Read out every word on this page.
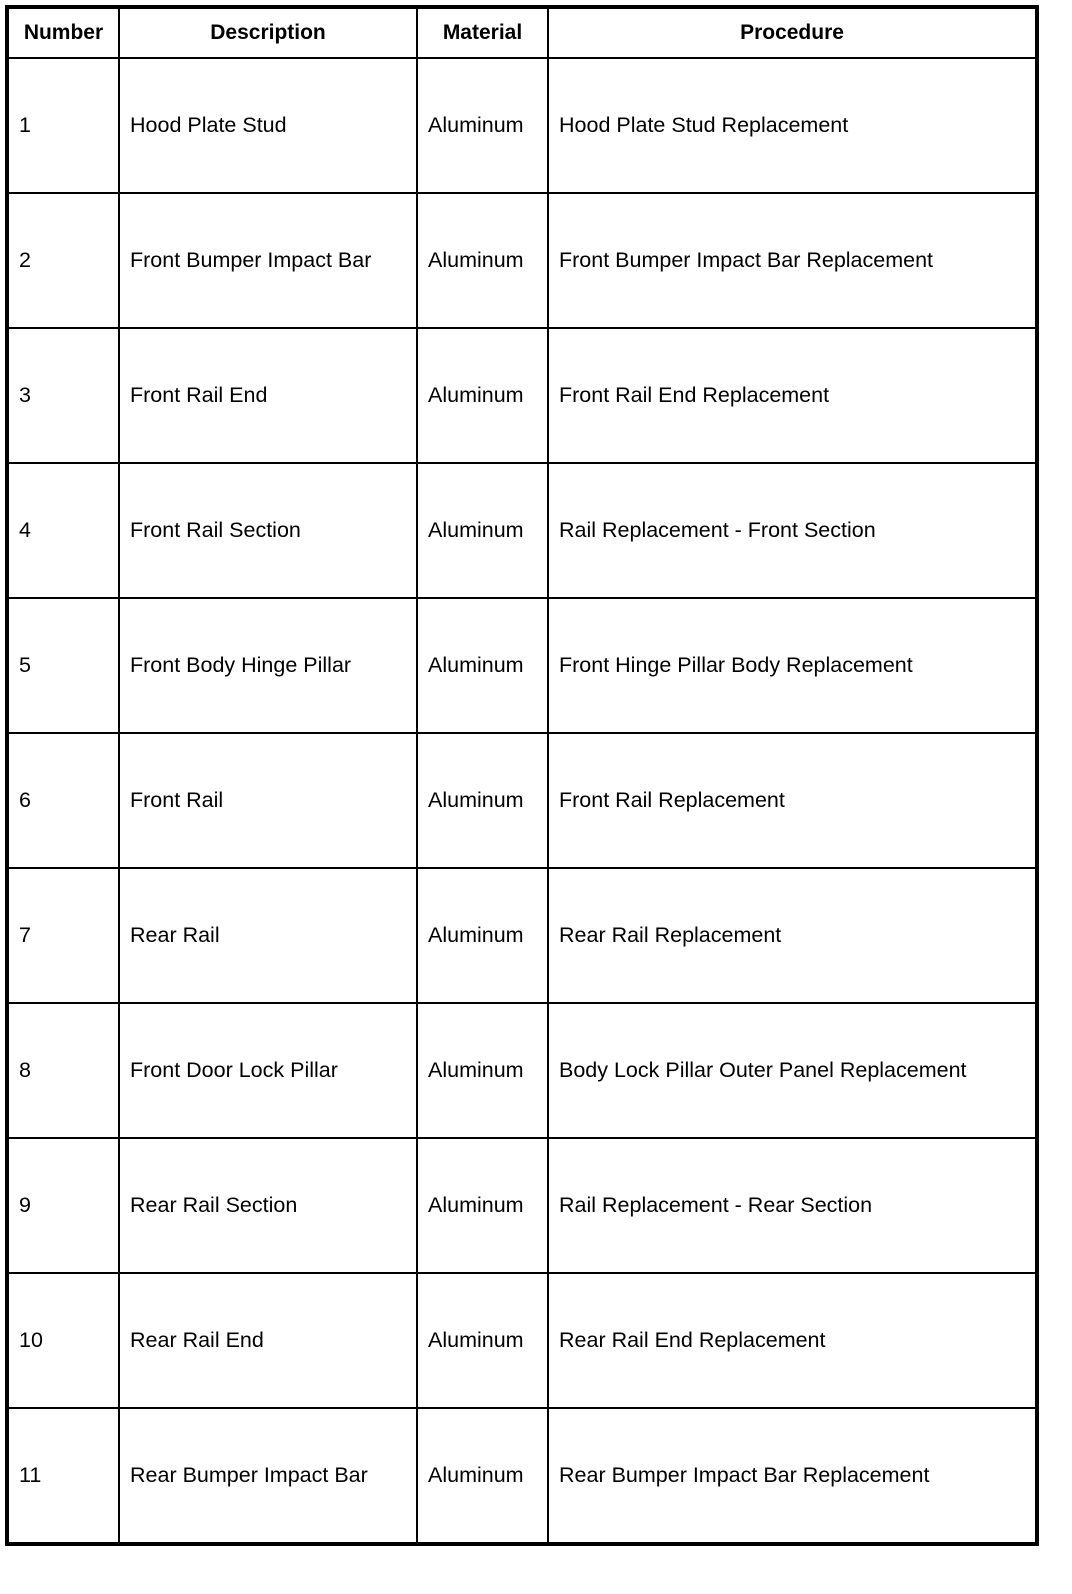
Number	Description	Material	Procedure
1	Hood Plate Stud	Aluminum	Hood Plate Stud Replacement
2	Front Bumper Impact Bar	Aluminum	Front Bumper Impact Bar Replacement
3	Front Rail End	Aluminum	Front Rail End Replacement
4	Front Rail Section	Aluminum	Rail Replacement - Front Section
5	Front Body Hinge Pillar	Aluminum	Front Hinge Pillar Body Replacement
6	Front Rail	Aluminum	Front Rail Replacement
7	Rear Rail	Aluminum	Rear Rail Replacement
8	Front Door Lock Pillar	Aluminum	Body Lock Pillar Outer Panel Replacement
9	Rear Rail Section	Aluminum	Rail Replacement - Rear Section
10	Rear Rail End	Aluminum	Rear Rail End Replacement
11	Rear Bumper Impact Bar	Aluminum	Rear Bumper Impact Bar Replacement
